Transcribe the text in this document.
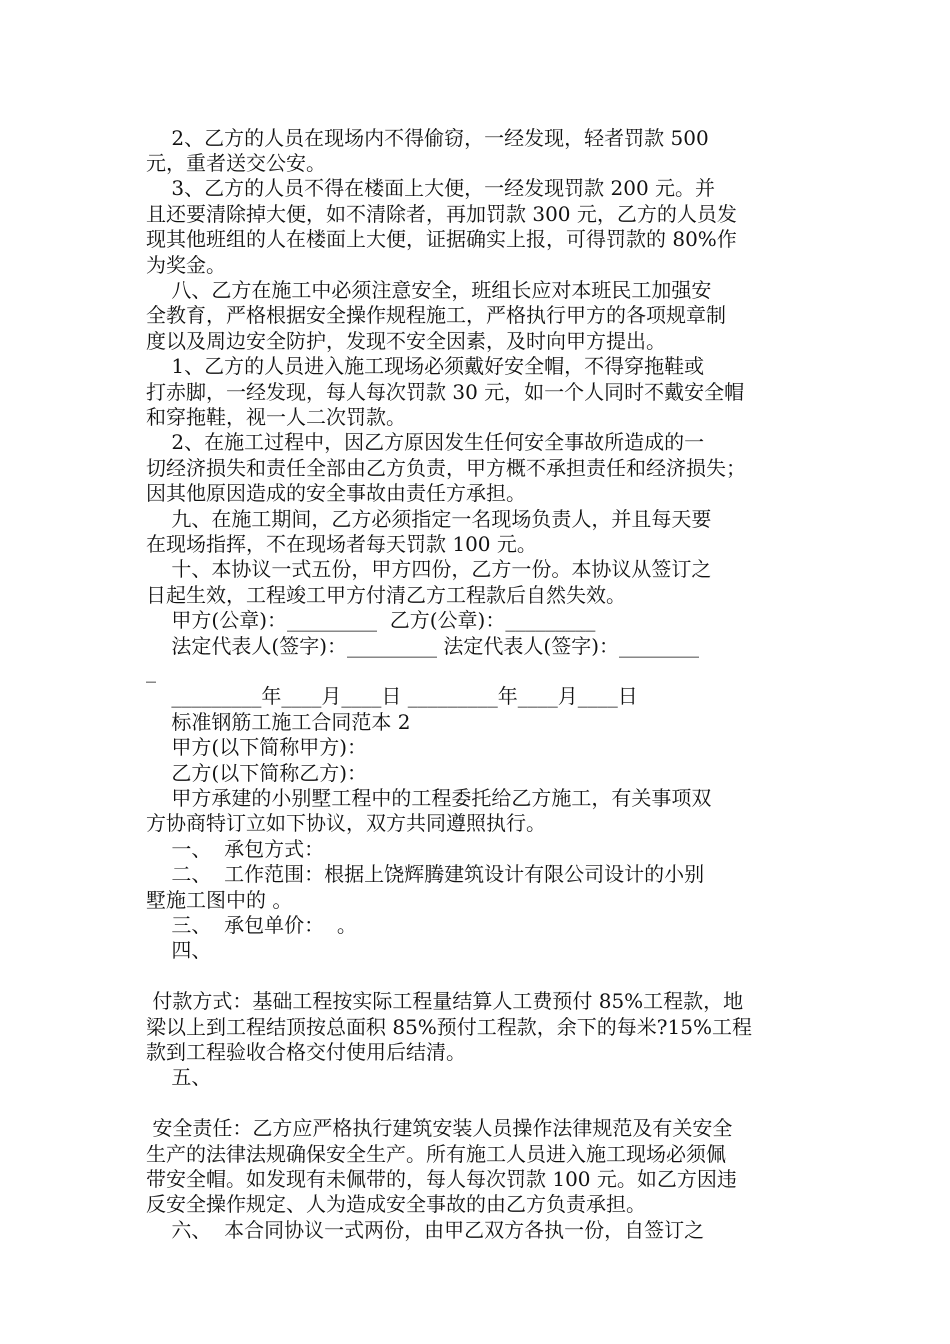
2、乙方的人员在现场内不得偷窃，一经发现，轻者罚款 500
元，重者送交公安。
3、乙方的人员不得在楼面上大便，一经发现罚款 200 元。并
且还要清除掉大便，如不清除者，再加罚款 300 元，乙方的人员发
现其他班组的人在楼面上大便，证据确实上报，可得罚款的 80%作
为奖金。
八、乙方在施工中必须注意安全，班组长应对本班民工加强安
全教育，严格根据安全操作规程施工，严格执行甲方的各项规章制
度以及周边安全防护，发现不安全因素，及时向甲方提出。
1、乙方的人员进入施工现场必须戴好安全帽，不得穿拖鞋或
打赤脚，一经发现，每人每次罚款 30 元，如一个人同时不戴安全帽
和穿拖鞋，视一人二次罚款。
2、在施工过程中，因乙方原因发生任何安全事故所造成的一
切经济损失和责任全部由乙方负责，甲方概不承担责任和经济损失；
因其他原因造成的安全事故由责任方承担。
九、在施工期间，乙方必须指定一名现场负责人，并且每天要
在现场指挥，不在现场者每天罚款 100 元。
十、本协议一式五份，甲方四份，乙方一份。本协议从签订之
日起生效，工程竣工甲方付清乙方工程款后自然失效。
甲方(公章)：_________  乙方(公章)：_________
法定代表人(签字)：_________ 法定代表人(签字)：________
_
_________年____月____日 _________年____月____日
标准钢筋工施工合同范本 2
甲方(以下简称甲方)：
乙方(以下简称乙方)：
甲方承建的小别墅工程中的工程委托给乙方施工，有关事项双
方协商特订立如下协议，双方共同遵照执行。
一、  承包方式：
二、  工作范围：根据上饶辉腾建筑设计有限公司设计的小别
墅施工图中的 。
三、  承包单价：  。
四、
付款方式：基础工程按实际工程量结算人工费预付 85%工程款，地
梁以上到工程结顶按总面积 85%预付工程款，余下的每米?15%工程
款到工程验收合格交付使用后结清。
五、
安全责任：乙方应严格执行建筑安装人员操作法律规范及有关安全
生产的法律法规确保安全生产。所有施工人员进入施工现场必须佩
带安全帽。如发现有未佩带的，每人每次罚款 100 元。如乙方因违
反安全操作规定、人为造成安全事故的由乙方负责承担。
六、  本合同协议一式两份，由甲乙双方各执一份，自签订之
